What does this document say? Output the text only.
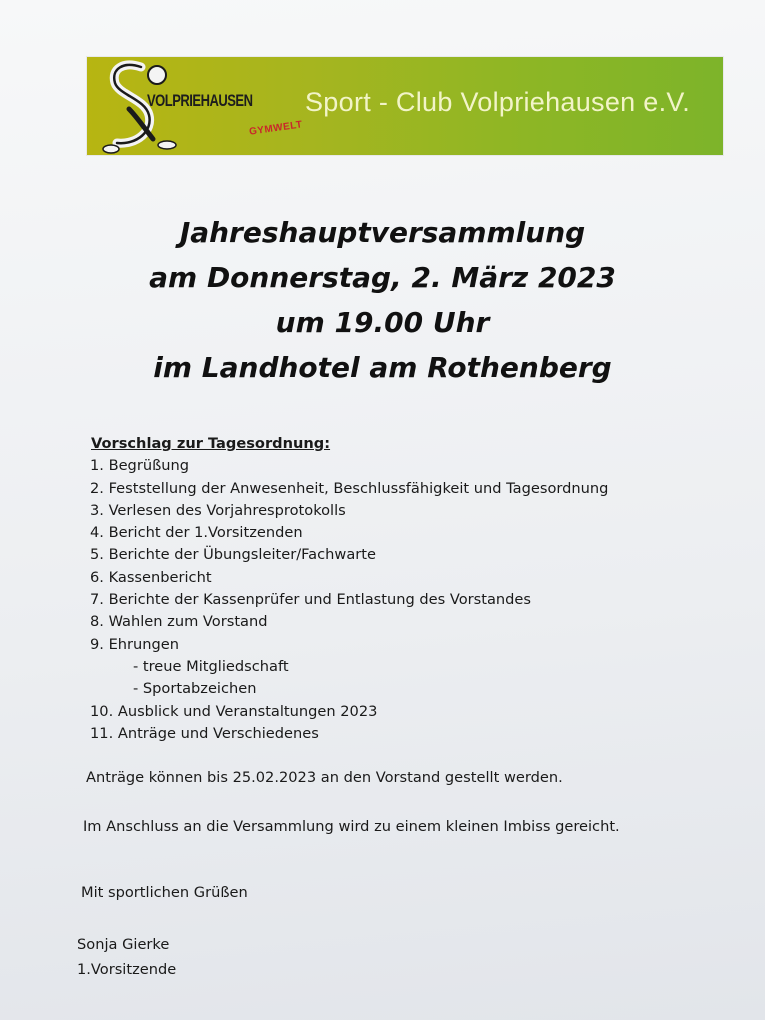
VOLPRIEHAUSEN
GYMWELT
Sport - Club Volpriehausen e.V.
Jahreshauptversammlung
am Donnerstag, 2. März 2023
um 19.00 Uhr
im Landhotel am Rothenberg
Vorschlag zur Tagesordnung:
1. Begrüßung
2. Feststellung der Anwesenheit, Beschlussfähigkeit und Tagesordnung
3. Verlesen des Vorjahresprotokolls
4. Bericht der 1.Vorsitzenden
5. Berichte der Übungsleiter/Fachwarte
6. Kassenbericht
7. Berichte der Kassenprüfer und Entlastung des Vorstandes
8. Wahlen zum Vorstand
9. Ehrungen
- treue Mitgliedschaft
- Sportabzeichen
10. Ausblick und Veranstaltungen 2023
11. Anträge und Verschiedenes
Anträge können bis 25.02.2023 an den Vorstand gestellt werden.
Im Anschluss an die Versammlung wird zu einem kleinen Imbiss gereicht.
Mit sportlichen Grüßen
Sonja Gierke
1.Vorsitzende
